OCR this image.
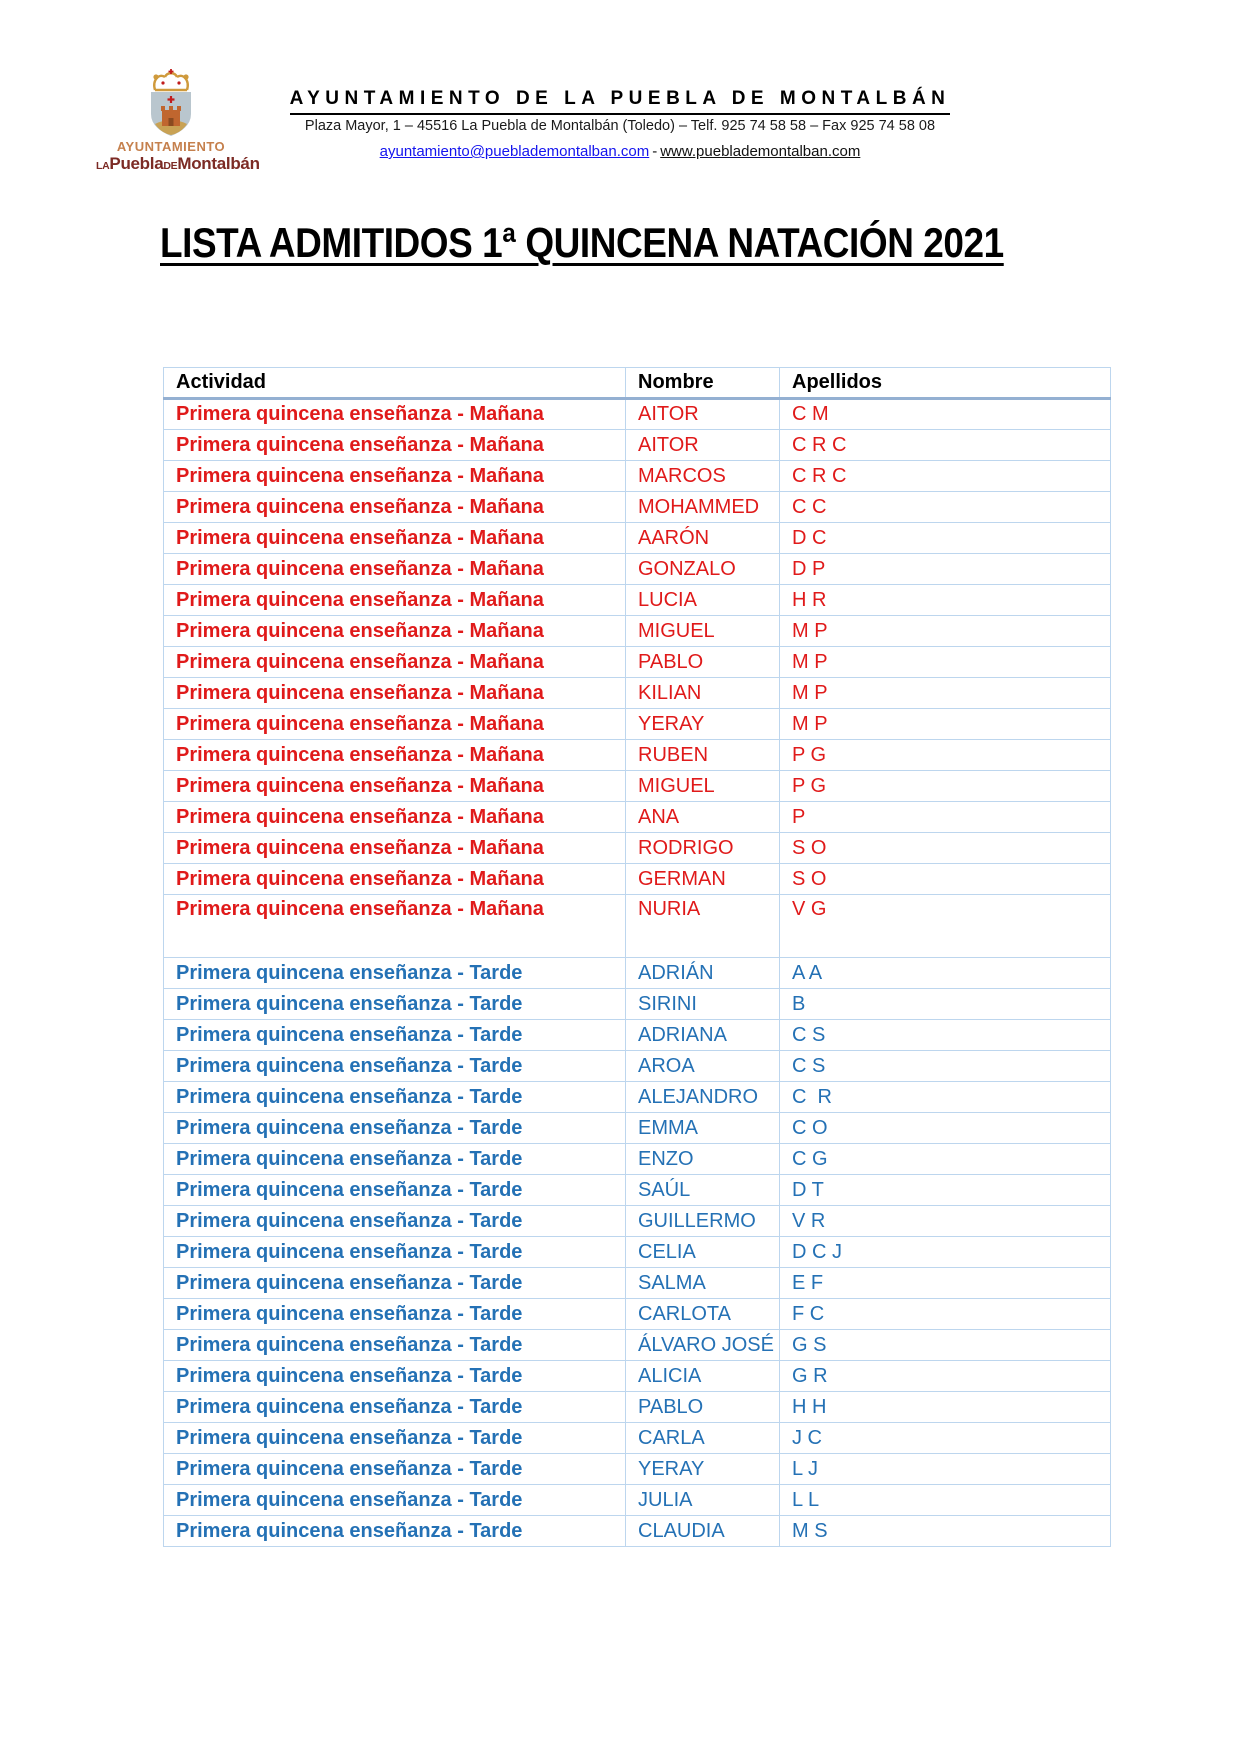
AYUNTAMIENTO
LAPueblaDEMontalbán
AYUNTAMIENTO DE LA PUEBLA DE MONTALBÁN
Plaza Mayor, 1 – 45516 La Puebla de Montalbán (Toledo) – Telf. 925 74 58 58 – Fax 925 74 58 08
ayuntamiento@pueblademontalban.com - www.pueblademontalban.com
LISTA ADMITIDOS 1ª QUINCENA NATACIÓN 2021
Actividad	Nombre	Apellidos
Primera quincena enseñanza - Mañana	AITOR	C M
Primera quincena enseñanza - Mañana	AITOR	C R C
Primera quincena enseñanza - Mañana	MARCOS	C R C
Primera quincena enseñanza - Mañana	MOHAMMED	C C
Primera quincena enseñanza - Mañana	AARÓN	D C
Primera quincena enseñanza - Mañana	GONZALO	D P
Primera quincena enseñanza - Mañana	LUCIA	H R
Primera quincena enseñanza - Mañana	MIGUEL	M P
Primera quincena enseñanza - Mañana	PABLO	M P
Primera quincena enseñanza - Mañana	KILIAN	M P
Primera quincena enseñanza - Mañana	YERAY	M P
Primera quincena enseñanza - Mañana	RUBEN	P G
Primera quincena enseñanza - Mañana	MIGUEL	P G
Primera quincena enseñanza - Mañana	ANA	P
Primera quincena enseñanza - Mañana	RODRIGO	S O
Primera quincena enseñanza - Mañana	GERMAN	S O
Primera quincena enseñanza - Mañana	NURIA	V G
Primera quincena enseñanza - Tarde	ADRIÁN	A A
Primera quincena enseñanza - Tarde	SIRINI	B
Primera quincena enseñanza - Tarde	ADRIANA	C S
Primera quincena enseñanza - Tarde	AROA	C S
Primera quincena enseñanza - Tarde	ALEJANDRO	C  R
Primera quincena enseñanza - Tarde	EMMA	C O
Primera quincena enseñanza - Tarde	ENZO	C G
Primera quincena enseñanza - Tarde	SAÚL	D T
Primera quincena enseñanza - Tarde	GUILLERMO	V R
Primera quincena enseñanza - Tarde	CELIA	D C J
Primera quincena enseñanza - Tarde	SALMA	E F
Primera quincena enseñanza - Tarde	CARLOTA	F C
Primera quincena enseñanza - Tarde	ÁLVARO JOSÉ	G S
Primera quincena enseñanza - Tarde	ALICIA	G R
Primera quincena enseñanza - Tarde	PABLO	H H
Primera quincena enseñanza - Tarde	CARLA	J C
Primera quincena enseñanza - Tarde	YERAY	L J
Primera quincena enseñanza - Tarde	JULIA	L L
Primera quincena enseñanza - Tarde	CLAUDIA	M S
